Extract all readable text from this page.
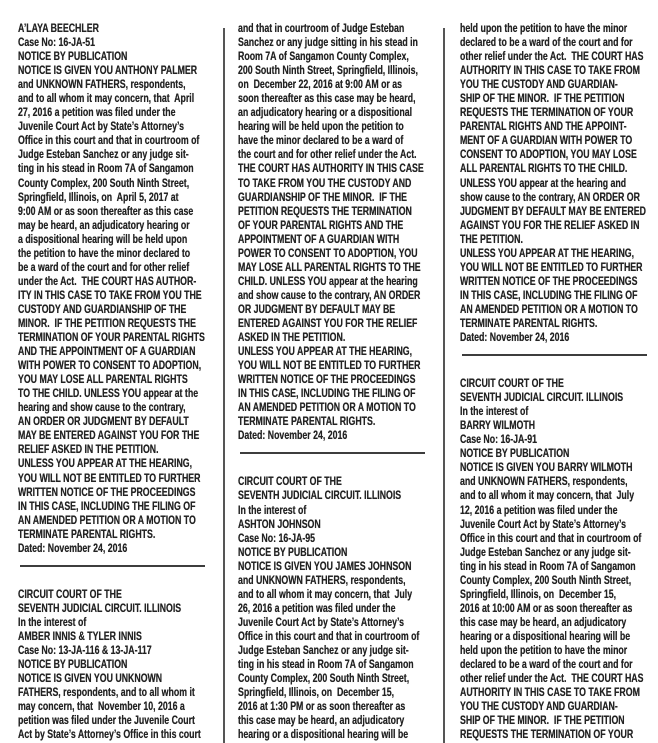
A’LAYA BEECHLER
Case No: 16-JA-51
NOTICE BY PUBLICATION
NOTICE IS GIVEN YOU ANTHONY PALMER
and UNKNOWN FATHERS, respondents,
and to all whom it may concern, that  April
27, 2016 a petition was filed under the
Juvenile Court Act by State’s Attorney’s
Office in this court and that in courtroom of
Judge Esteban Sanchez or any judge sit-
ting in his stead in Room 7A of Sangamon
County Complex, 200 South Ninth Street,
Springfield, Illinois, on  April 5, 2017 at
9:00 AM or as soon thereafter as this case
may be heard, an adjudicatory hearing or
a dispositional hearing will be held upon
the petition to have the minor declared to
be a ward of the court and for other relief
under the Act.  THE COURT HAS AUTHOR-
ITY IN THIS CASE TO TAKE FROM YOU THE
CUSTODY AND GUARDIANSHIP OF THE
MINOR.  IF THE PETITION REQUESTS THE
TERMINATION OF YOUR PARENTAL RIGHTS
AND THE APPOINTMENT OF A GUARDIAN
WITH POWER TO CONSENT TO ADOPTION,
YOU MAY LOSE ALL PARENTAL RIGHTS
TO THE CHILD. UNLESS YOU appear at the
hearing and show cause to the contrary,
AN ORDER OR JUDGMENT BY DEFAULT
MAY BE ENTERED AGAINST YOU FOR THE
RELIEF ASKED IN THE PETITION.
UNLESS YOU APPEAR AT THE HEARING,
YOU WILL NOT BE ENTITLED TO FURTHER
WRITTEN NOTICE OF THE PROCEEDINGS
IN THIS CASE, INCLUDING THE FILING OF
AN AMENDED PETITION OR A MOTION TO
TERMINATE PARENTAL RIGHTS.
Dated: November 24, 2016
CIRCUIT COURT OF THE
SEVENTH JUDICIAL CIRCUIT. ILLINOIS
In the interest of
AMBER INNIS & TYLER INNIS
Case No: 13-JA-116 & 13-JA-117
NOTICE BY PUBLICATION
NOTICE IS GIVEN YOU UNKNOWN
FATHERS, respondents, and to all whom it
may concern, that  November 10, 2016 a
petition was filed under the Juvenile Court
Act by State’s Attorney’s Office in this court
and that in courtroom of Judge Esteban
Sanchez or any judge sitting in his stead in
Room 7A of Sangamon County Complex,
200 South Ninth Street, Springfield, Illinois,
on  December 22, 2016 at 9:00 AM or as
soon thereafter as this case may be heard,
an adjudicatory hearing or a dispositional
hearing will be held upon the petition to
have the minor declared to be a ward of
the court and for other relief under the Act.
THE COURT HAS AUTHORITY IN THIS CASE
TO TAKE FROM YOU THE CUSTODY AND
GUARDIANSHIP OF THE MINOR.  IF THE
PETITION REQUESTS THE TERMINATION
OF YOUR PARENTAL RIGHTS AND THE
APPOINTMENT OF A GUARDIAN WITH
POWER TO CONSENT TO ADOPTION, YOU
MAY LOSE ALL PARENTAL RIGHTS TO THE
CHILD. UNLESS YOU appear at the hearing
and show cause to the contrary, AN ORDER
OR JUDGMENT BY DEFAULT MAY BE
ENTERED AGAINST YOU FOR THE RELIEF
ASKED IN THE PETITION.
UNLESS YOU APPEAR AT THE HEARING,
YOU WILL NOT BE ENTITLED TO FURTHER
WRITTEN NOTICE OF THE PROCEEDINGS
IN THIS CASE, INCLUDING THE FILING OF
AN AMENDED PETITION OR A MOTION TO
TERMINATE PARENTAL RIGHTS.
Dated: November 24, 2016
CIRCUIT COURT OF THE
SEVENTH JUDICIAL CIRCUIT. ILLINOIS
In the interest of
ASHTON JOHNSON
Case No: 16-JA-95
NOTICE BY PUBLICATION
NOTICE IS GIVEN YOU JAMES JOHNSON
and UNKNOWN FATHERS, respondents,
and to all whom it may concern, that  July
26, 2016 a petition was filed under the
Juvenile Court Act by State’s Attorney’s
Office in this court and that in courtroom of
Judge Esteban Sanchez or any judge sit-
ting in his stead in Room 7A of Sangamon
County Complex, 200 South Ninth Street,
Springfield, Illinois, on  December 15,
2016 at 1:30 PM or as soon thereafter as
this case may be heard, an adjudicatory
hearing or a dispositional hearing will be
held upon the petition to have the minor
declared to be a ward of the court and for
other relief under the Act.  THE COURT HAS
AUTHORITY IN THIS CASE TO TAKE FROM
YOU THE CUSTODY AND GUARDIAN-
SHIP OF THE MINOR.  IF THE PETITION
REQUESTS THE TERMINATION OF YOUR
PARENTAL RIGHTS AND THE APPOINT-
MENT OF A GUARDIAN WITH POWER TO
CONSENT TO ADOPTION, YOU MAY LOSE
ALL PARENTAL RIGHTS TO THE CHILD.
UNLESS YOU appear at the hearing and
show cause to the contrary, AN ORDER OR
JUDGMENT BY DEFAULT MAY BE ENTERED
AGAINST YOU FOR THE RELIEF ASKED IN
THE PETITION.
UNLESS YOU APPEAR AT THE HEARING,
YOU WILL NOT BE ENTITLED TO FURTHER
WRITTEN NOTICE OF THE PROCEEDINGS
IN THIS CASE, INCLUDING THE FILING OF
AN AMENDED PETITION OR A MOTION TO
TERMINATE PARENTAL RIGHTS.
Dated: November 24, 2016
CIRCUIT COURT OF THE
SEVENTH JUDICIAL CIRCUIT. ILLINOIS
In the interest of
BARRY WILMOTH
Case No: 16-JA-91
NOTICE BY PUBLICATION
NOTICE IS GIVEN YOU BARRY WILMOTH
and UNKNOWN FATHERS, respondents,
and to all whom it may concern, that  July
12, 2016 a petition was filed under the
Juvenile Court Act by State’s Attorney’s
Office in this court and that in courtroom of
Judge Esteban Sanchez or any judge sit-
ting in his stead in Room 7A of Sangamon
County Complex, 200 South Ninth Street,
Springfield, Illinois, on  December 15,
2016 at 10:00 AM or as soon thereafter as
this case may be heard, an adjudicatory
hearing or a dispositional hearing will be
held upon the petition to have the minor
declared to be a ward of the court and for
other relief under the Act.  THE COURT HAS
AUTHORITY IN THIS CASE TO TAKE FROM
YOU THE CUSTODY AND GUARDIAN-
SHIP OF THE MINOR.  IF THE PETITION
REQUESTS THE TERMINATION OF YOUR
